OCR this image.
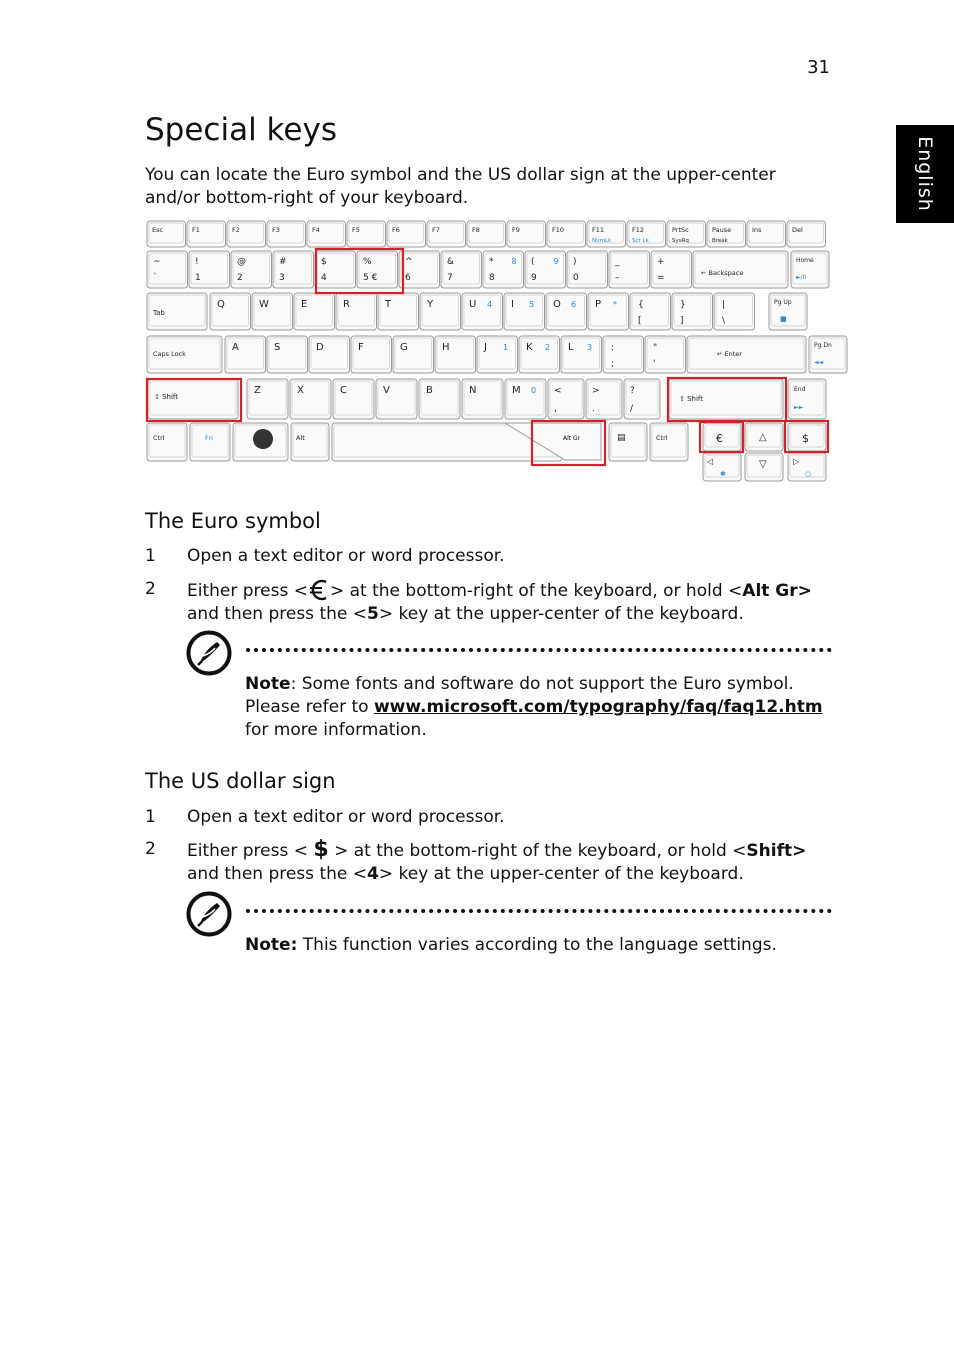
31
English
Special keys

You can locate the Euro symbol and the US dollar sign at the upper-center and/or bottom-right of your keyboard.

Esc	F1	F2	F3	F4	F5	F6	F7	F8	F9	F10	F11
NumLk
F12
Scr Lk
PrtSc
SysRq
Pause
Break
Ins	Del
~
`
!
1
@
2
#
3
$
4
%
5 €
^
6
&
7
*
8
8 (
9
9 )
0
_
–
+
=	← Backspace
Home
►/II
Tab
Q	W	E	R	T	Y	U 4 I 5 O 6 P * {
[
}
]
|
\
Pg Up
■
Caps Lock
A	S	D	F	G	H	J 1 K 2 L 3 :
;
"
'
↵ Enter
Pg Dn
◄◄
⇧ Shift
Z	X	C	V	B	N	M 0 <
,
>
.
?
/
⇧ Shift
End
►►
Ctrl	Fn	Alt	Alt Gr	▤	Ctrl	€	△	$
◁
✱
▽	▷
○
The Euro symbol
1 Open a text editor or word processor.
2 Either press < > at the bottom-right of the keyboard, or hold <Alt Gr>
and then press the <5> key at the upper-center of the keyboard.
Note: Some fonts and software do not support the Euro symbol. Please refer to www.microsoft.com/typography/faq/faq12.htm for more information.
The US dollar sign
1 Open a text editor or word processor.
2 Either press < $ > at the bottom-right of the keyboard, or hold <Shift>
and then press the <4> key at the upper-center of the keyboard.
Note: This function varies according to the language settings.
